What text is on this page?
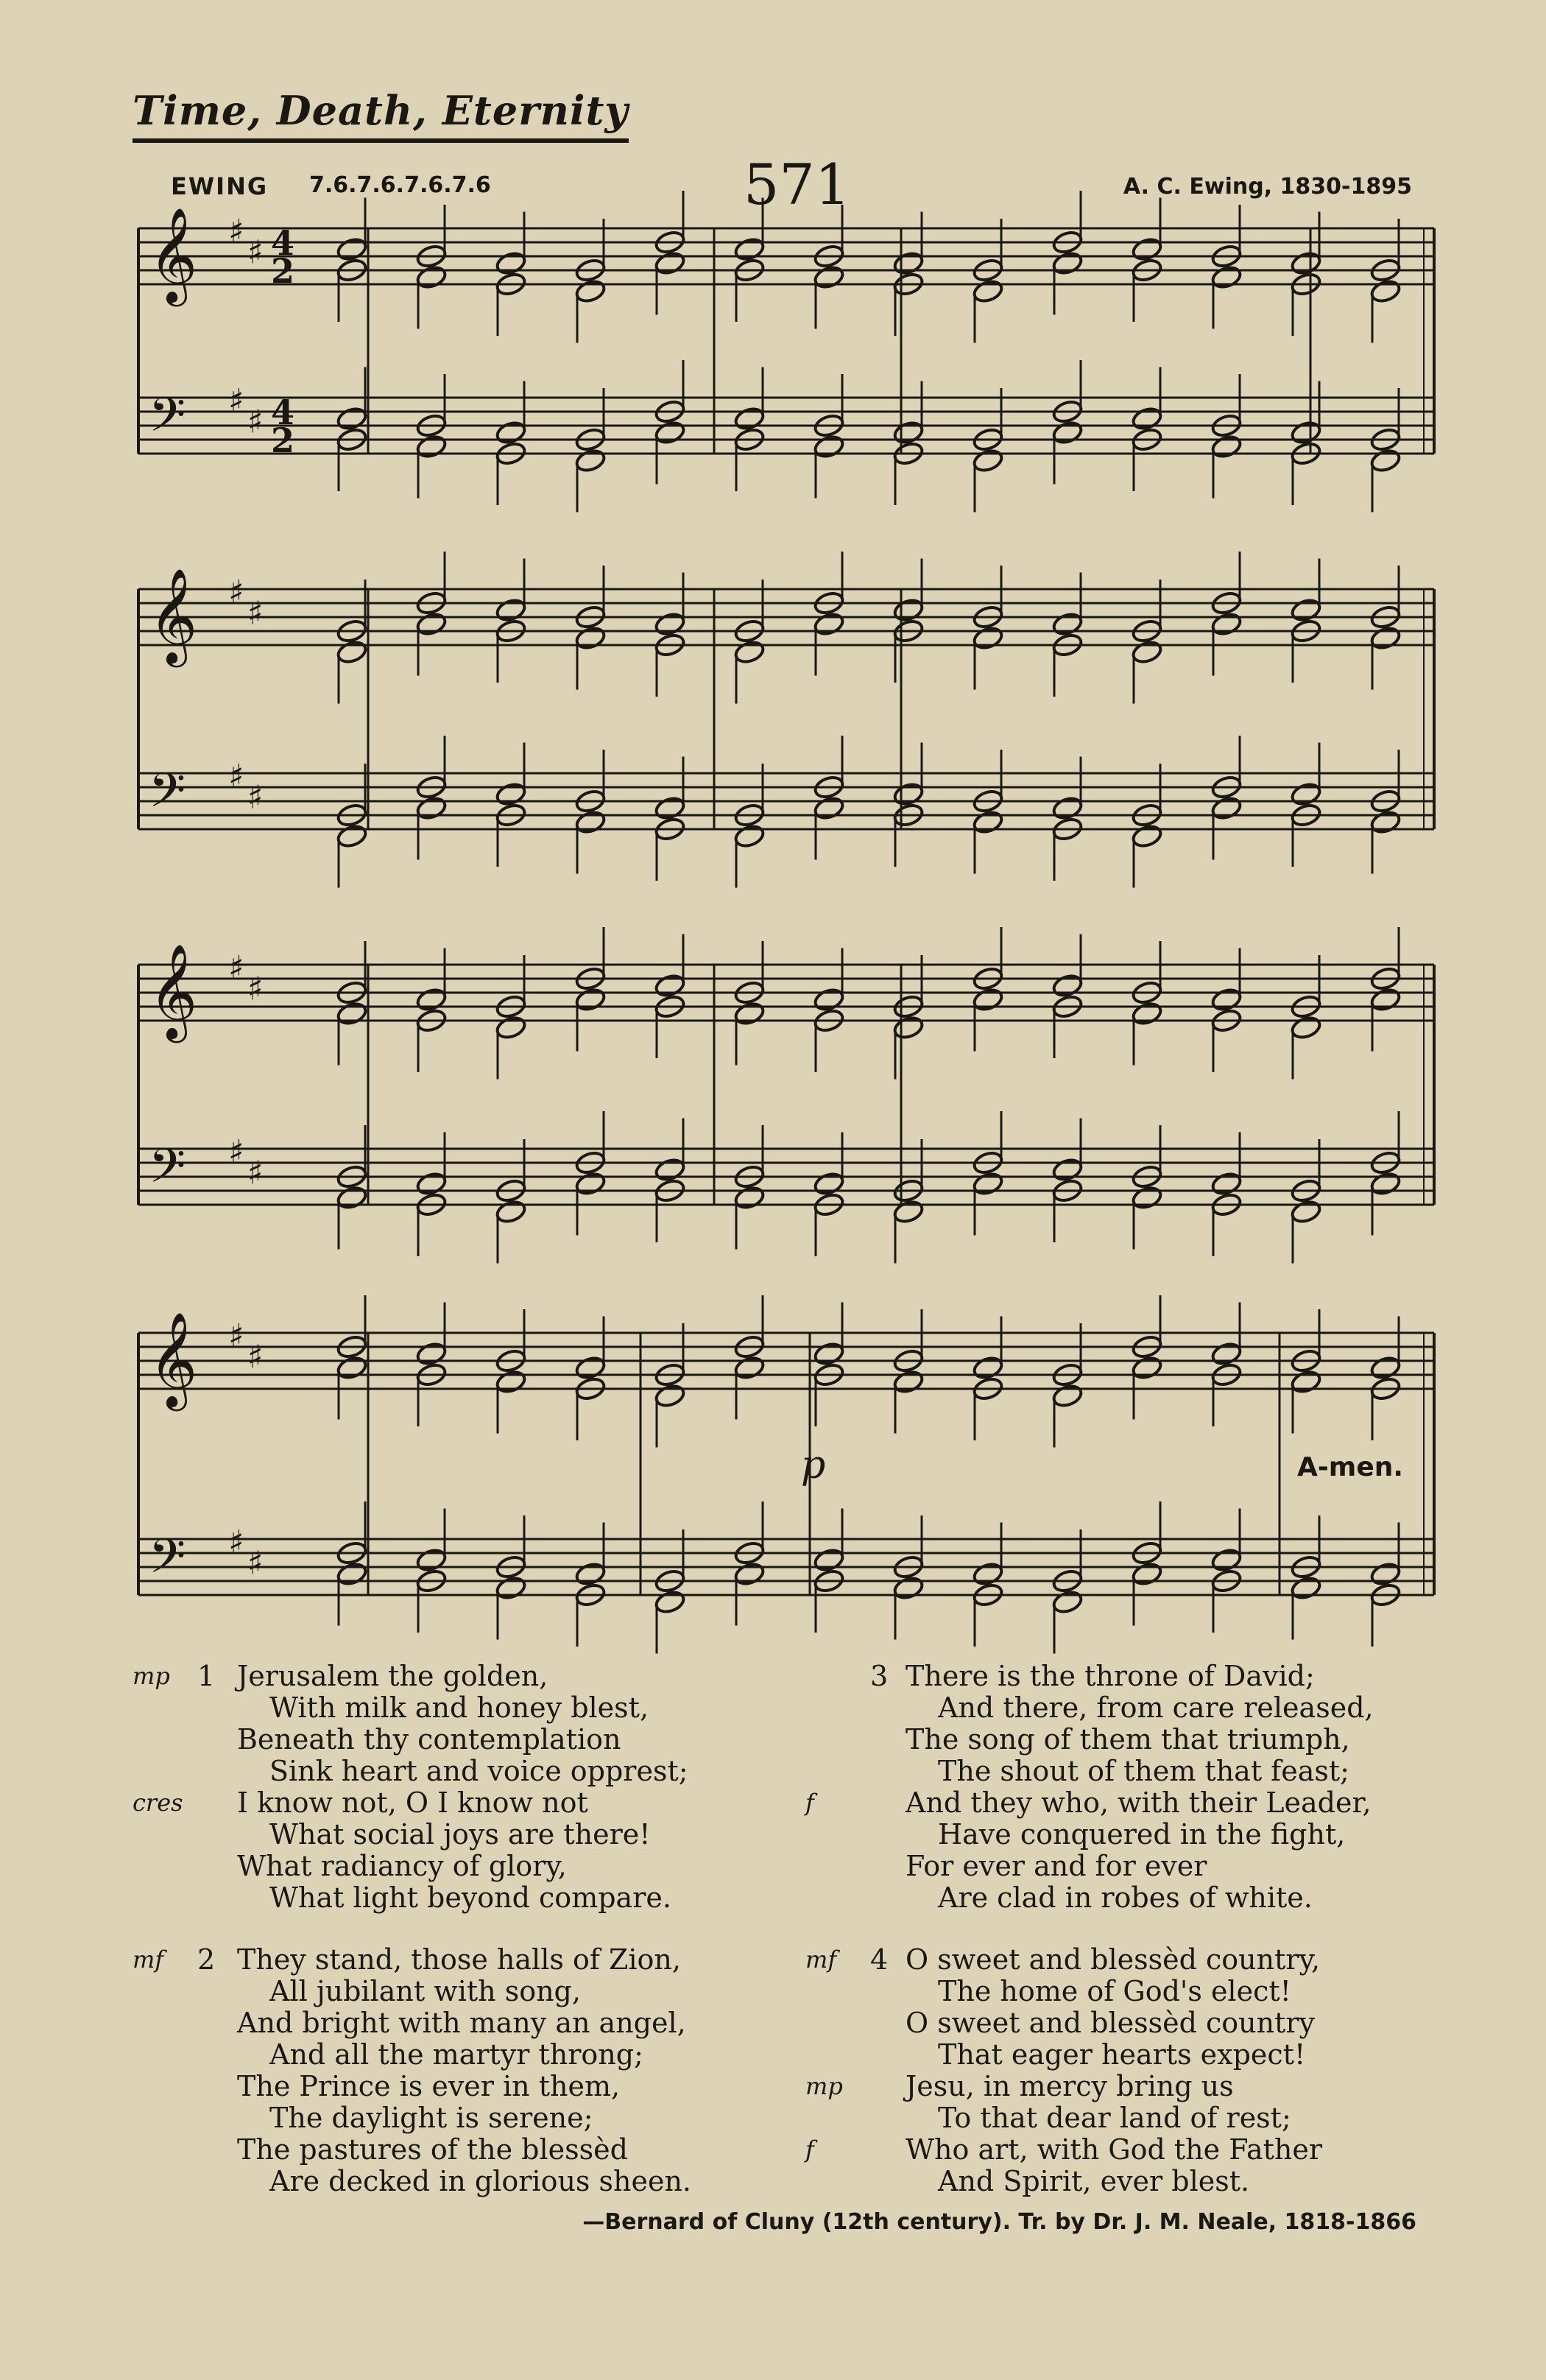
Time, Death, Eternity
EWING 7.6.7.6.7.6.7.6	571	A. C. Ewing, 1830-1895
𝄞 ♯
♯ 4
2
𝄢 ♯
♯ 4
2
𝄞 ♯
♯
𝄢 ♯
♯
𝄞 ♯
♯
𝄢 ♯
♯
𝄞 ♯
♯
𝄢 ♯
♯
p	A-men.
mp 1 Jerusalem the golden,
With milk and honey blest,
Beneath thy contemplation
Sink heart and voice opprest;
cres I know not, O I know not
What social joys are there!
What radiancy of glory,
What light beyond compare.
mf 2 They stand, those halls of Zion,
All jubilant with song,
And bright with many an angel,
And all the martyr throng;
The Prince is ever in them,
The daylight is serene;
The pastures of the blessèd
Are decked in glorious sheen.
3 There is the throne of David;
And there, from care released,
The song of them that triumph,
The shout of them that feast;
f	And they who, with their Leader,
Have conquered in the fight,
For ever and for ever
Are clad in robes of white.
mf 4 O sweet and blessèd country,
The home of God's elect!
O sweet and blessèd country
That eager hearts expect!
mp Jesu, in mercy bring us
To that dear land of rest;
f	Who art, with God the Father
And Spirit, ever blest.
—Bernard of Cluny (12th century). Tr. by Dr. J. M. Neale, 1818-1866
